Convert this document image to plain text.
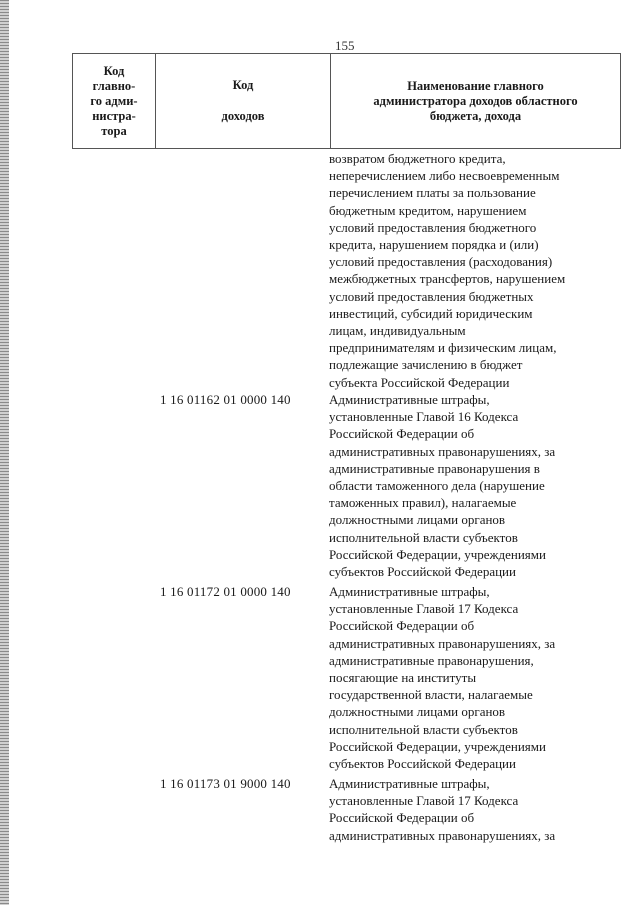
155
Код
главно-
го адми-
нистра-
тора

Код
доходов

Наименование главного
администратора доходов областного
бюджета, дохода
возвратом бюджетного кредита,
неперечислением либо несвоевременным
перечислением платы за пользование
бюджетным кредитом, нарушением
условий предоставления бюджетного
кредита, нарушением порядка и (или)
условий предоставления (расходования)
межбюджетных трансфертов, нарушением
условий предоставления бюджетных
инвестиций, субсидий юридическим
лицам, индивидуальным
предпринимателям и физическим лицам,
подлежащие зачислению в бюджет
субъекта Российской Федерации
1 16 01162 01 0000 140	Административные штрафы,
установленные Главой 16 Кодекса
Российской Федерации об
административных правонарушениях, за
административные правонарушения в
области таможенного дела (нарушение
таможенных правил), налагаемые
должностными лицами органов
исполнительной власти субъектов
Российской Федерации, учреждениями
субъектов Российской Федерации
1 16 01172 01 0000 140	Административные штрафы,
установленные Главой 17 Кодекса
Российской Федерации об
административных правонарушениях, за
административные правонарушения,
посягающие на институты
государственной власти, налагаемые
должностными лицами органов
исполнительной власти субъектов
Российской Федерации, учреждениями
субъектов Российской Федерации
1 16 01173 01 9000 140	Административные штрафы,
установленные Главой 17 Кодекса
Российской Федерации об
административных правонарушениях, за
